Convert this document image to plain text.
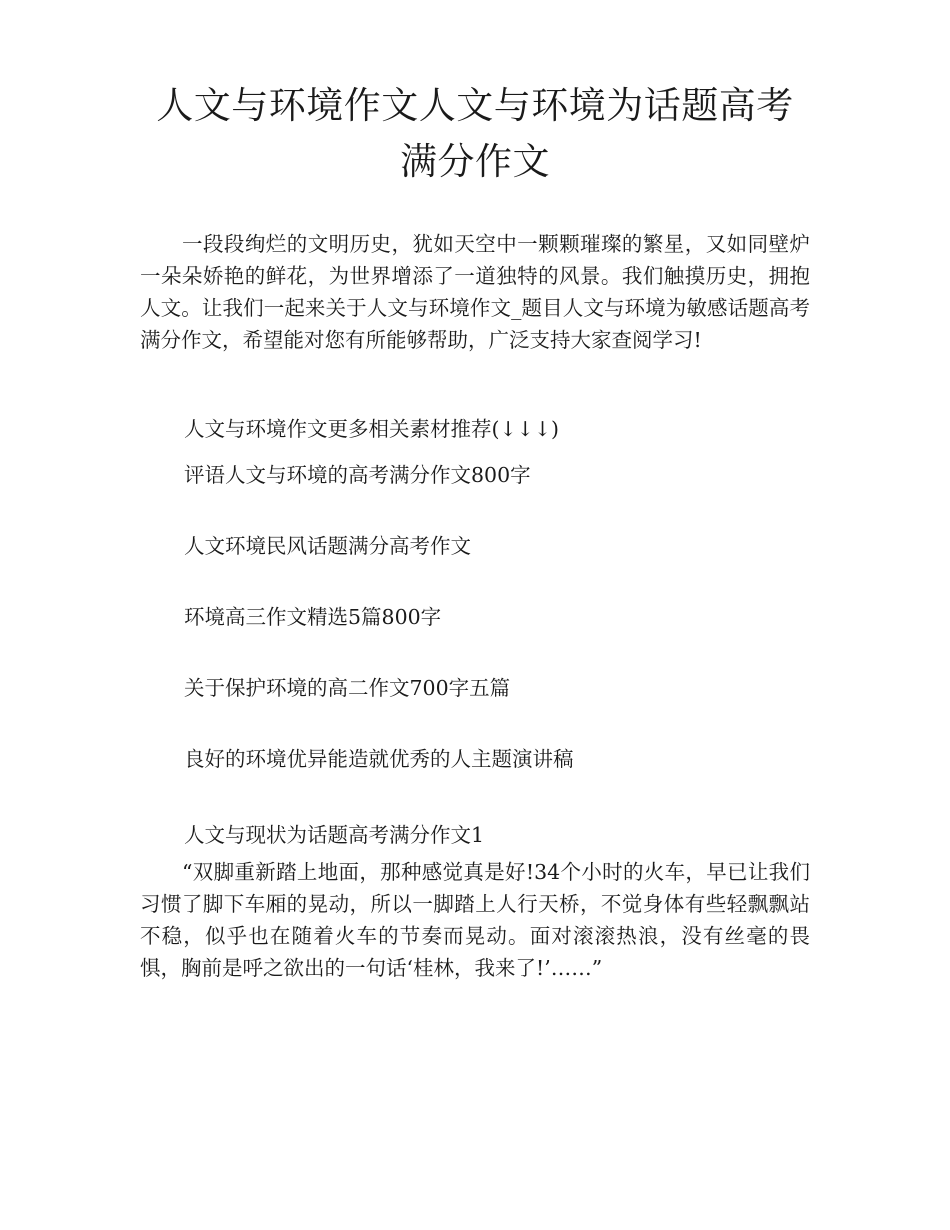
人文与环境作文人文与环境为话题高考满分作文

一段段绚烂的文明历史，犹如天空中一颗颗璀璨的繁星，又如同壁炉一朵朵娇艳的鲜花，为世界增添了一道独特的风景。我们触摸历史，拥抱人文。让我们一起来关于人文与环境作文_题目人文与环境为敏感话题高考满分作文，希望能对您有所能够帮助，广泛支持大家查阅学习!

人文与环境作文更多相关素材推荐(↓↓↓)
评语人文与环境的高考满分作文800字
人文环境民风话题满分高考作文
环境高三作文精选5篇800字
关于保护环境的高二作文700字五篇
良好的环境优异能造就优秀的人主题演讲稿
人文与现状为话题高考满分作文1

“双脚重新踏上地面，那种感觉真是好!34个小时的火车，早已让我们习惯了脚下车厢的晃动，所以一脚踏上人行天桥，不觉身体有些轻飘飘站不稳，似乎也在随着火车的节奏而晃动。面对滚滚热浪，没有丝毫的畏惧，胸前是呼之欲出的一句话‘桂林，我来了!’……”
